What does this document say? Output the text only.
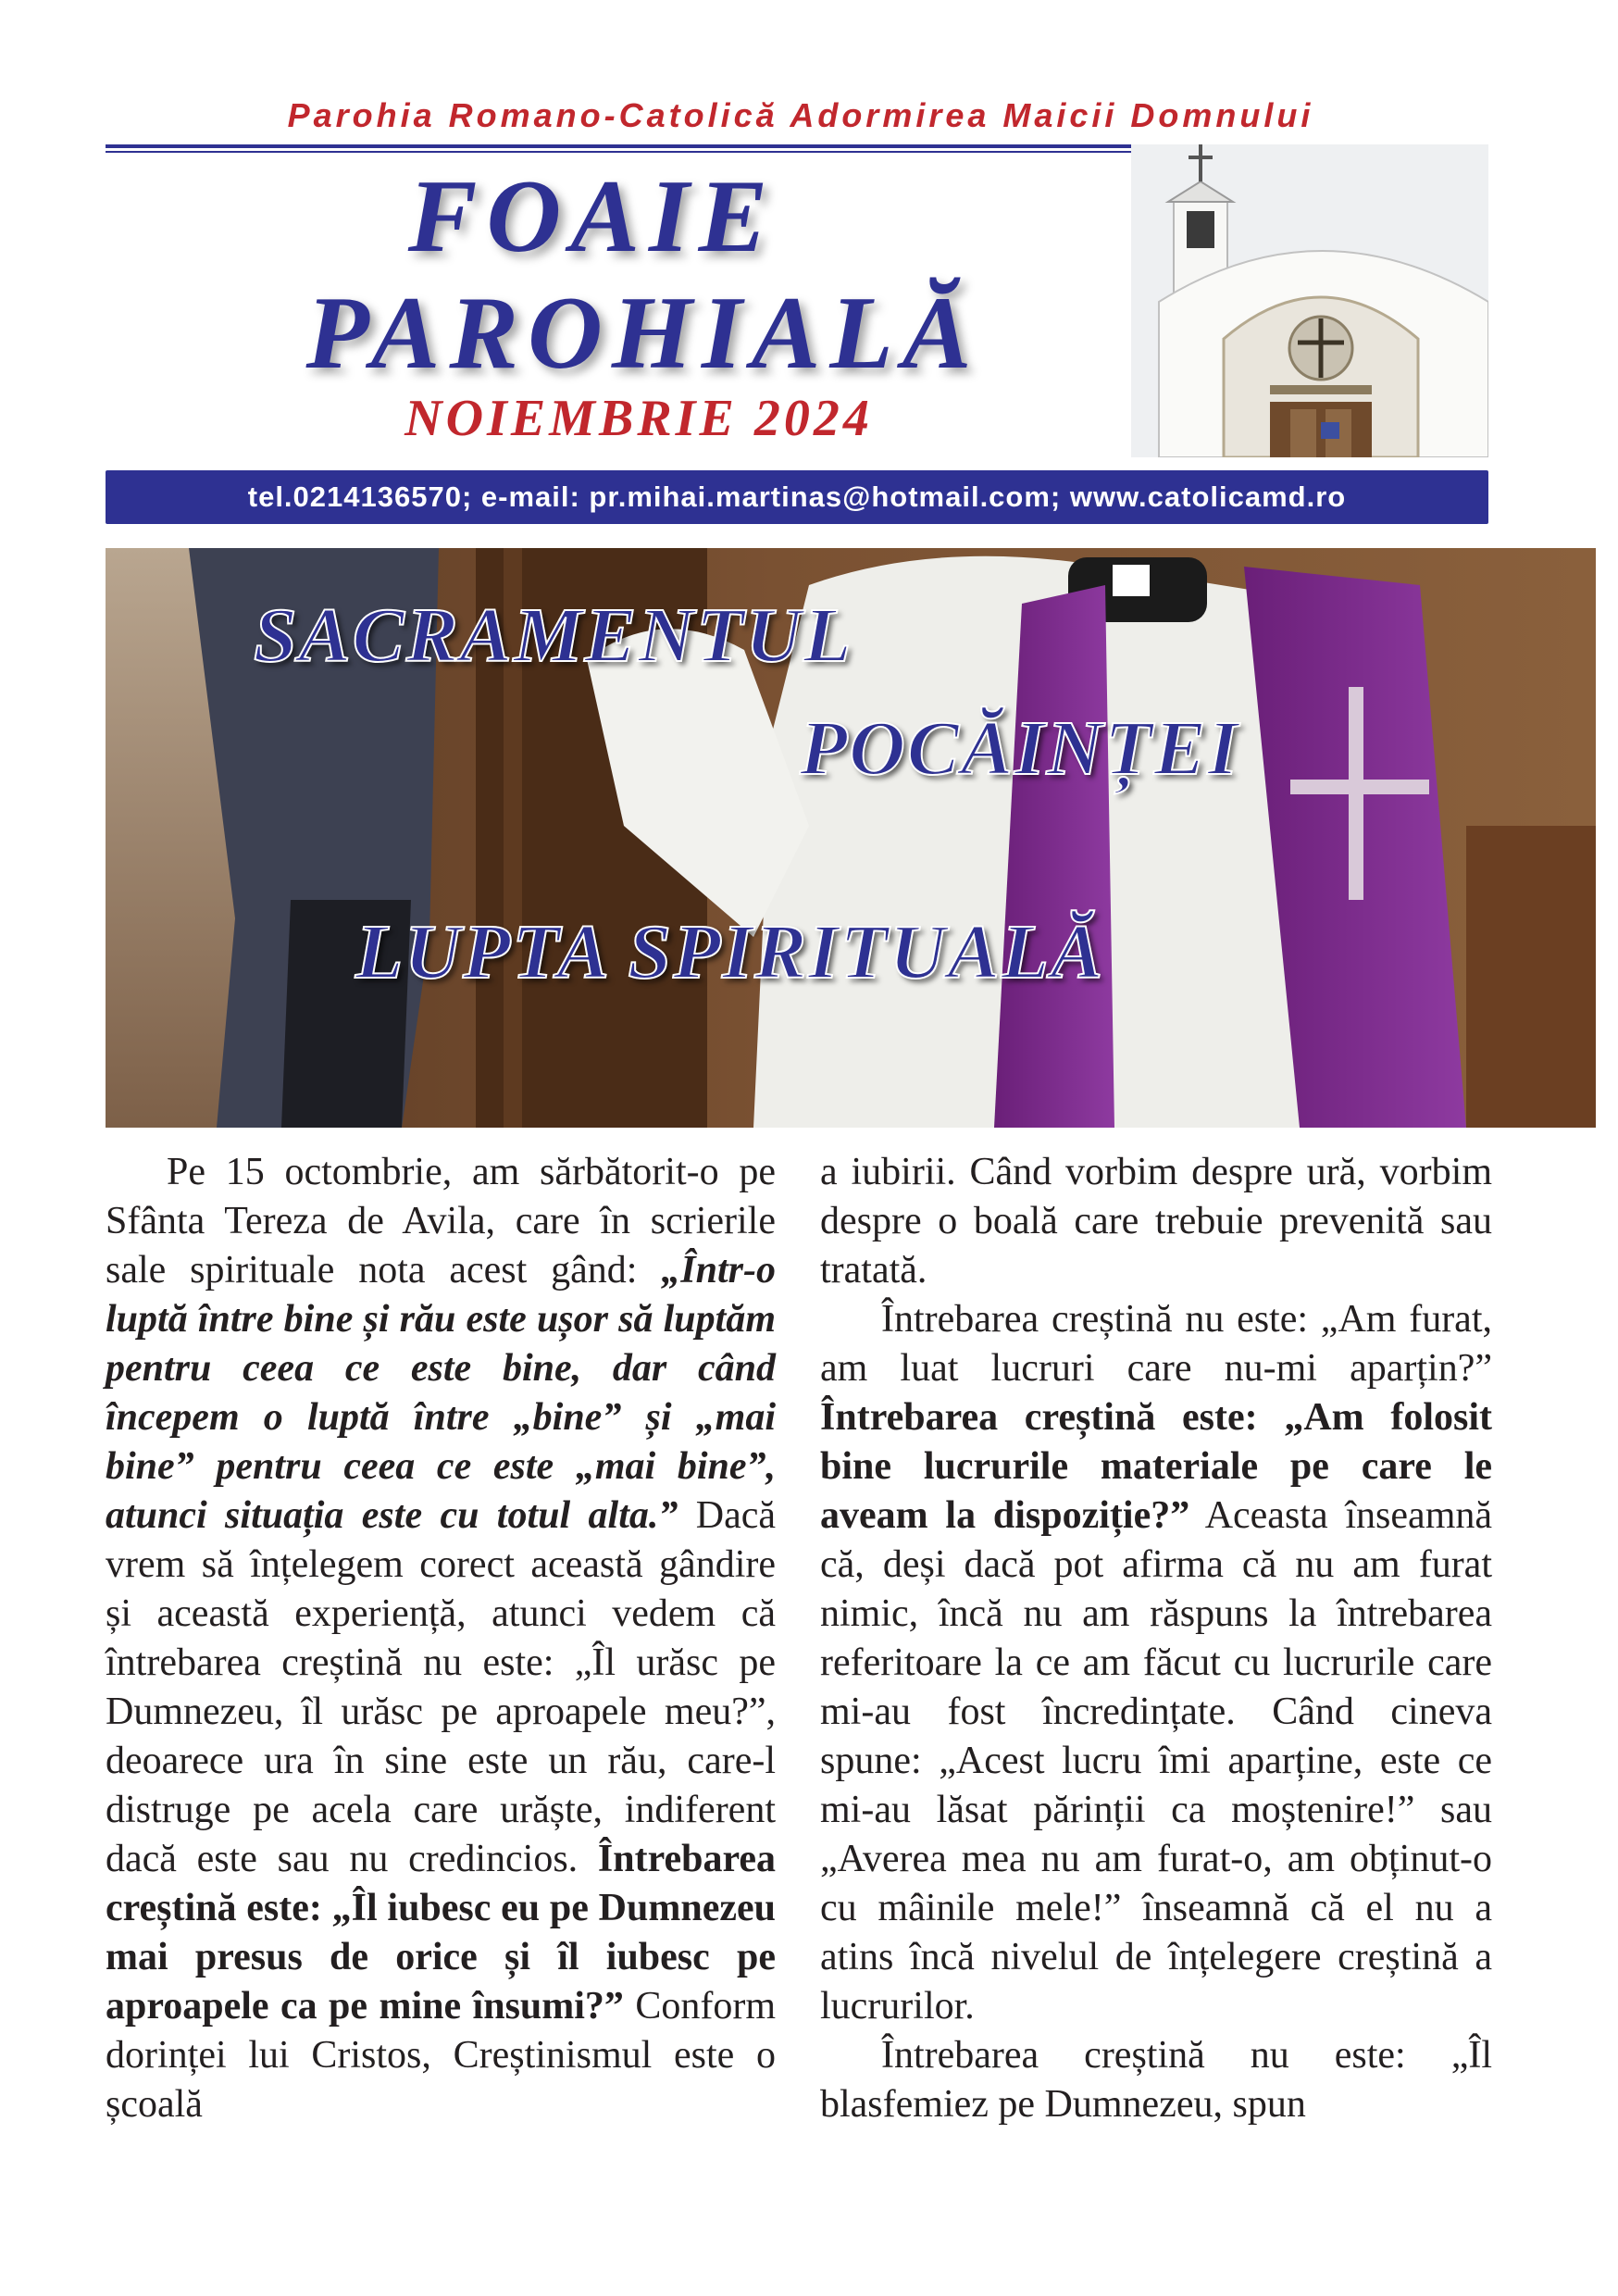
Parohia Romano-Catolică Adormirea Maicii Domnului
FOAIE
PAROHIALĂ
NOIEMBRIE 2024
tel.0214136570; e-mail: pr.mihai.martinas@hotmail.com; www.catolicamd.ro
SACRAMENTUL
POCĂINȚEI
LUPTA SPIRITUALĂ

Pe 15 octombrie, am sărbătorit-o pe Sfânta Tereza de Avila, care în scrierile sale spirituale nota acest gând: „Într-o luptă între bine și rău este ușor să luptăm pentru ceea ce este bine, dar când începem o luptă între „bine” și „mai bine” pentru ceea ce este „mai bine”, atunci situația este cu totul alta.” Dacă vrem să înțelegem corect această gândire și această experiență, atunci vedem că întrebarea creștină nu este: „Îl urăsc pe Dumnezeu, îl urăsc pe aproapele meu?”, deoarece ura în sine este un rău, care-l distruge pe acela care urăște, indiferent dacă este sau nu credincios. Întrebarea creștină este: „Îl iubesc eu pe Dumnezeu mai presus de orice și îl iubesc pe aproapele ca pe mine însumi?” Conform dorinței lui Cristos, Creștinismul este o școală

a iubirii. Când vorbim despre ură, vorbim despre o boală care trebuie prevenită sau tratată.

Întrebarea creștină nu este: „Am furat, am luat lucruri care nu-mi aparțin?” Întrebarea creștină este: „Am folosit bine lucrurile materiale pe care le aveam la dispoziție?” Aceasta înseamnă că, deși dacă pot afirma că nu am furat nimic, încă nu am răspuns la întrebarea referitoare la ce am făcut cu lucrurile care mi-au fost încredințate. Când cineva spune: „Acest lucru îmi aparține, este ce mi-au lăsat părinții ca moștenire!” sau „Averea mea nu am furat-o, am obținut-o cu mâinile mele!” înseamnă că el nu a atins încă nivelul de înțelegere creștină a lucrurilor.

Întrebarea creștină nu este: „Îl blasfemiez pe Dumnezeu, spun
